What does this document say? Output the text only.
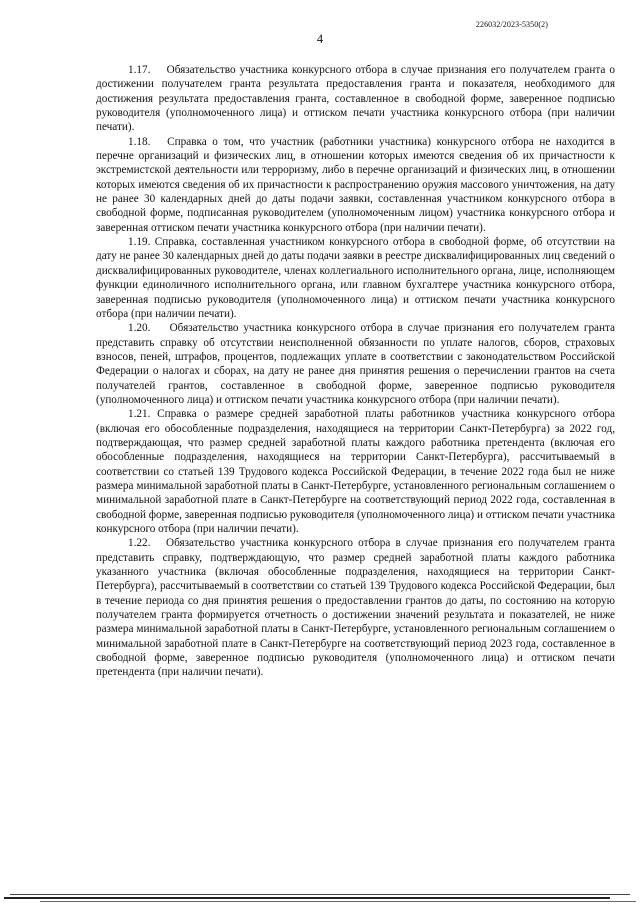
226032/2023-5350(2)
4

1.17.    Обязательство участника конкурсного отбора в случае признания его получателем гранта о достижении получателем гранта результата предоставления гранта и показателя, необходимого для достижения результата предоставления гранта, составленное в свободной форме, заверенное подписью руководителя (уполномоченного лица) и оттиском печати участника конкурсного отбора (при наличии печати).

1.18.   Справка о том, что участник (работники участника) конкурсного отбора не находится в перечне организаций и физических лиц, в отношении которых имеются сведения об их причастности к экстремистской деятельности или терроризму, либо в перечне организаций и физических лиц, в отношении которых имеются сведения об их причастности к распространению оружия массового уничтожения, на дату не ранее 30 календарных дней до даты подачи заявки, составленная участником конкурсного отбора в свободной форме, подписанная руководителем (уполномоченным лицом) участника конкурсного отбора и заверенная оттиском печати участника конкурсного отбора (при наличии печати).

1.19. Справка, составленная участником конкурсного отбора в свободной форме, об отсутствии на дату не ранее 30 календарных дней до даты подачи заявки в реестре дисквалифицированных лиц сведений о дисквалифицированных руководителе, членах коллегиального исполнительного органа, лице, исполняющем функции единоличного исполнительного органа, или главном бухгалтере участника конкурсного отбора, заверенная подписью руководителя (уполномоченного лица) и оттиском печати участника конкурсного отбора (при наличии печати).

1.20.    Обязательство участника конкурсного отбора в случае признания его получателем гранта представить справку об отсутствии неисполненной обязанности по уплате налогов, сборов, страховых взносов, пеней, штрафов, процентов, подлежащих уплате в соответствии с законодательством Российской Федерации о налогах и сборах, на дату не ранее дня принятия решения о перечислении грантов на счета получателей грантов, составленное в свободной форме, заверенное подписью руководителя (уполномоченного лица) и оттиском печати участника конкурсного отбора (при наличии печати).

1.21. Справка о размере средней заработной платы работников участника конкурсного отбора (включая его обособленные подразделения, находящиеся на территории Санкт-Петербурга) за 2022 год, подтверждающая, что размер средней заработной платы каждого работника претендента (включая его обособленные подразделения, находящиеся на территории Санкт-Петербурга), рассчитываемый в соответствии со статьей 139 Трудового кодекса Российской Федерации, в течение 2022 года был не ниже размера минимальной заработной платы в Санкт-Петербурге, установленного региональным соглашением о минимальной заработной плате в Санкт-Петербурге на соответствующий период 2022 года, составленная в свободной форме, заверенная подписью руководителя (уполномоченного лица) и оттиском печати участника конкурсного отбора (при наличии печати).

1.22.   Обязательство участника конкурсного отбора в случае признания его получателем гранта представить справку, подтверждающую, что размер средней заработной платы каждого работника указанного участника (включая обособленные подразделения, находящиеся на территории Санкт-Петербурга), рассчитываемый в соответствии со статьей 139 Трудового кодекса Российской Федерации, был в течение периода со дня принятия решения о предоставлении грантов до даты, по состоянию на которую получателем гранта формируется отчетность о достижении значений результата и показателей, не ниже размера минимальной заработной платы в Санкт-Петербурге, установленного региональным соглашением о минимальной заработной плате в Санкт-Петербурге на соответствующий период 2023 года, составленное в свободной форме, заверенное подписью руководителя (уполномоченного лица) и оттиском печати претендента (при наличии печати).
